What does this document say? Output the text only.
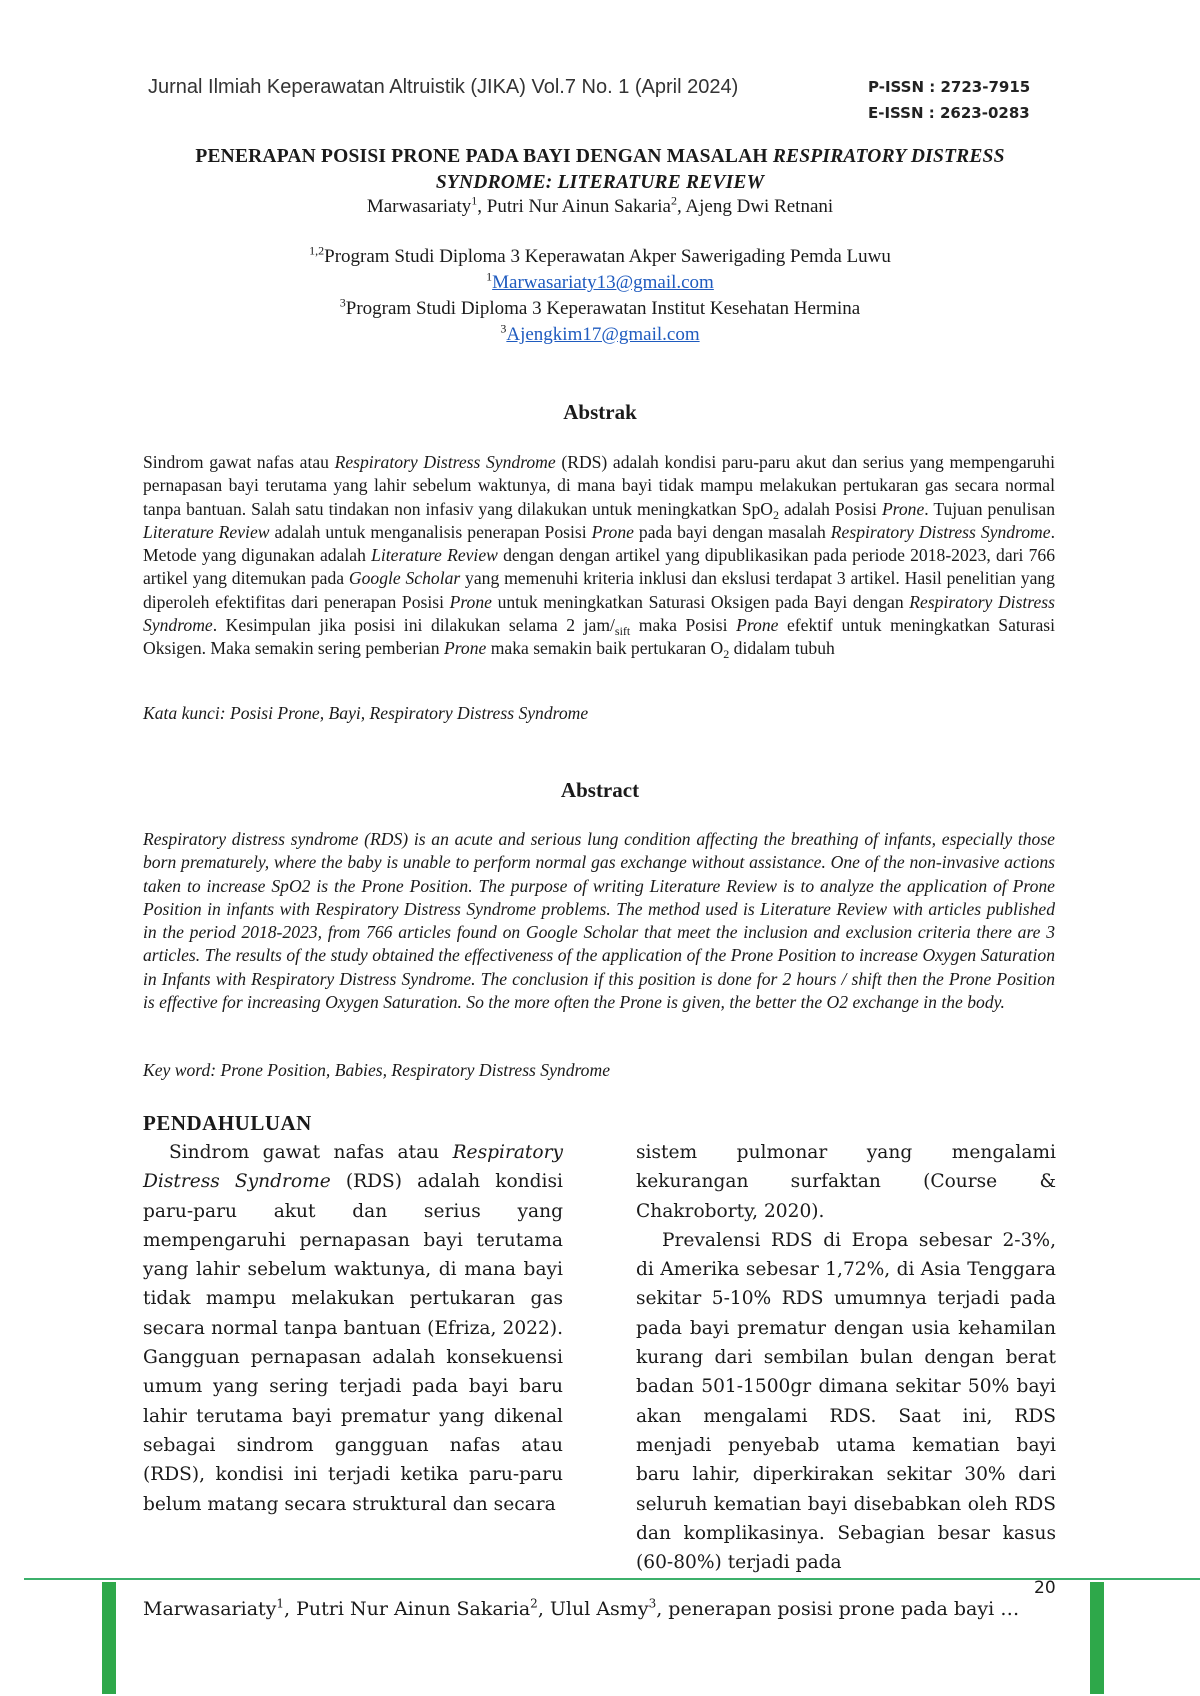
Jurnal Ilmiah Keperawatan Altruistik (JIKA) Vol.7 No. 1 (April 2024)	P-ISSN : 2723-7915
E-ISSN : 2623-0283
PENERAPAN POSISI PRONE PADA BAYI DENGAN MASALAH RESPIRATORY DISTRESS
SYNDROME: LITERATURE REVIEW
Marwasariaty$^1$, Putri Nur Ainun Sakaria$^2$, Ajeng Dwi Retnani
$^{1,2}$Program Studi Diploma 3 Keperawatan Akper Sawerigading Pemda Luwu
$^1$Marwasariaty13@gmail.com
$^3$Program Studi Diploma 3 Keperawatan Institut Kesehatan Hermina
$^3$Ajengkim17@gmail.com
Abstrak
Sindrom gawat nafas atau Respiratory Distress Syndrome (RDS) adalah kondisi paru-paru akut dan serius yang mempengaruhi pernapasan bayi terutama yang lahir sebelum waktunya, di mana bayi tidak mampu melakukan pertukaran gas secara normal tanpa bantuan. Salah satu tindakan non infasiv yang dilakukan untuk meningkatkan SpO$_2$ adalah Posisi Prone. Tujuan penulisan Literature Review adalah untuk menganalisis penerapan Posisi Prone pada bayi dengan masalah Respiratory Distress Syndrome. Metode yang digunakan adalah Literature Review dengan dengan artikel yang dipublikasikan pada periode 2018-2023, dari 766 artikel yang ditemukan pada Google Scholar yang memenuhi kriteria inklusi dan ekslusi terdapat 3 artikel. Hasil penelitian yang diperoleh efektifitas dari penerapan Posisi Prone untuk meningkatkan Saturasi Oksigen pada Bayi dengan Respiratory Distress Syndrome. Kesimpulan jika posisi ini dilakukan selama 2 jam/$_{sift}$ maka Posisi Prone efektif untuk meningkatkan Saturasi Oksigen. Maka semakin sering pemberian Prone maka semakin baik pertukaran $O_2$ didalam tubuh
Kata kunci: Posisi Prone, Bayi, Respiratory Distress Syndrome
Abstract
Respiratory distress syndrome (RDS) is an acute and serious lung condition affecting the breathing of infants, especially those born prematurely, where the baby is unable to perform normal gas exchange without assistance. One of the non-invasive actions taken to increase SpO2 is the Prone Position. The purpose of writing Literature Review is to analyze the application of Prone Position in infants with Respiratory Distress Syndrome problems. The method used is Literature Review with articles published in the period 2018-2023, from 766 articles found on Google Scholar that meet the inclusion and exclusion criteria there are 3 articles. The results of the study obtained the effectiveness of the application of the Prone Position to increase Oxygen Saturation in Infants with Respiratory Distress Syndrome. The conclusion if this position is done for 2 hours / shift then the Prone Position is effective for increasing Oxygen Saturation. So the more often the Prone is given, the better the O2 exchange in the body.
Key word: Prone Position, Babies, Respiratory Distress Syndrome
PENDAHULUAN

Sindrom gawat nafas atau Respiratory Distress Syndrome (RDS) adalah kondisi paru-paru akut dan serius yang mempengaruhi pernapasan bayi terutama yang lahir sebelum waktunya, di mana bayi tidak mampu melakukan pertukaran gas secara normal tanpa bantuan (Efriza, 2022). Gangguan pernapasan adalah konsekuensi umum yang sering terjadi pada bayi baru lahir terutama bayi prematur yang dikenal sebagai sindrom gangguan nafas atau (RDS), kondisi ini terjadi ketika paru-paru belum matang secara struktural dan secara

sistem pulmonar yang mengalami kekurangan surfaktan (Course & Chakroborty, 2020).

Prevalensi RDS di Eropa sebesar 2-3%, di Amerika sebesar 1,72%, di Asia Tenggara sekitar 5-10% RDS umumnya terjadi pada pada bayi prematur dengan usia kehamilan kurang dari sembilan bulan dengan berat badan 501-1500gr dimana sekitar 50% bayi akan mengalami RDS. Saat ini, RDS menjadi penyebab utama kematian bayi baru lahir, diperkirakan sekitar 30% dari seluruh kematian bayi disebabkan oleh RDS dan komplikasinya. Sebagian besar kasus (60-80%) terjadi pada

Marwasariaty$^1$, Putri Nur Ainun Sakaria$^2$, Ulul Asmy$^3$, penerapan posisi prone pada bayi …
20
